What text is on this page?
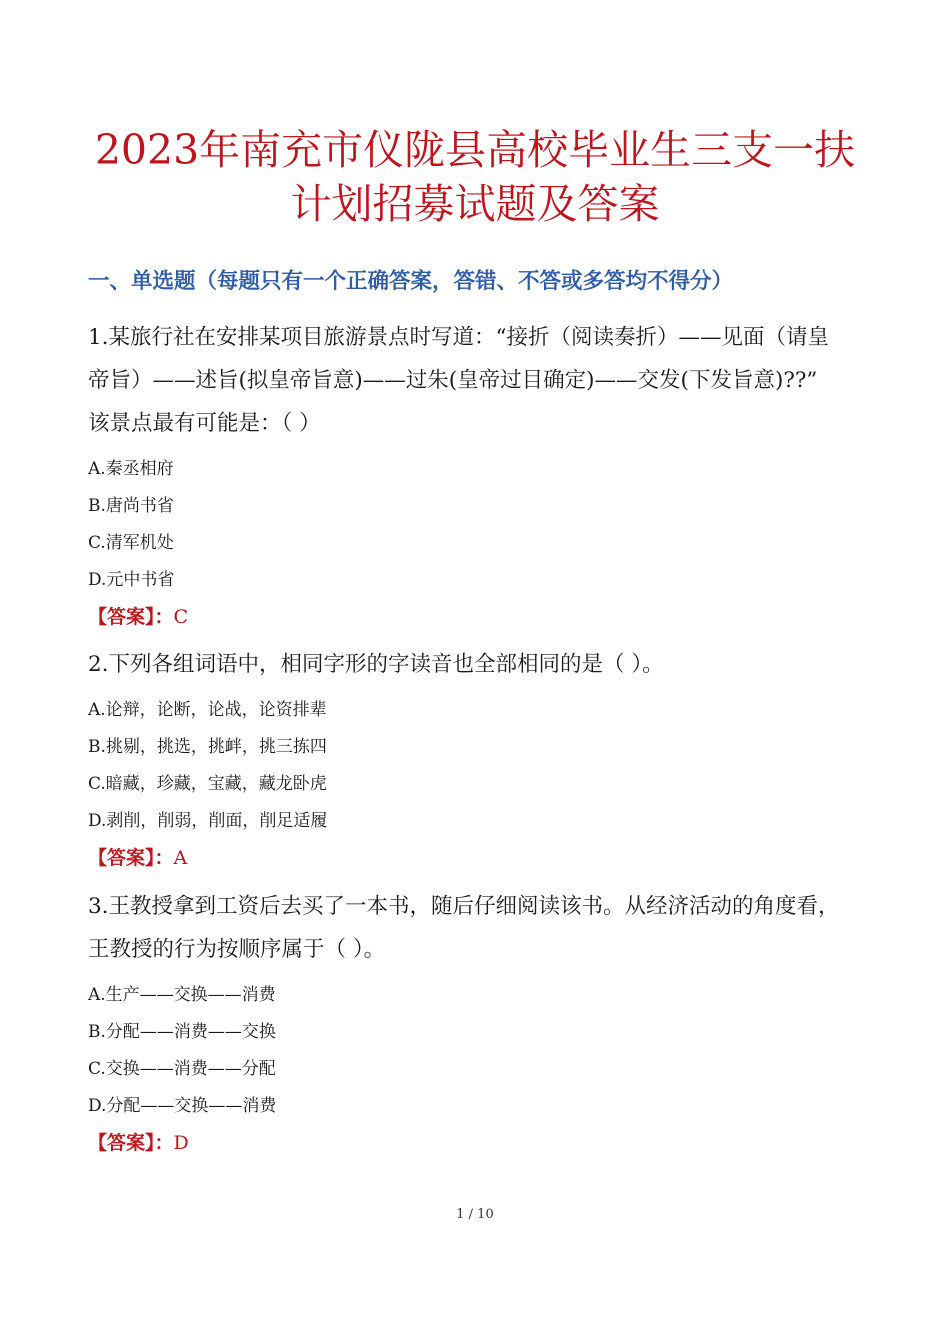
2023年南充市仪陇县高校毕业生三支一扶
计划招募试题及答案
一、单选题（每题只有一个正确答案，答错、不答或多答均不得分）
1.某旅行社在安排某项目旅游景点时写道：“接折（阅读奏折）——见面（请皇
帝旨）——述旨(拟皇帝旨意)——过朱(皇帝过目确定)——交发(下发旨意)??”
该景点最有可能是：（ ）
A.秦丞相府
B.唐尚书省
C.清军机处
D.元中书省
【答案】：C
2.下列各组词语中，相同字形的字读音也全部相同的是（ ）。
A.论辩，论断，论战，论资排辈
B.挑剔，挑选，挑衅，挑三拣四
C.暗藏，珍藏，宝藏，藏龙卧虎
D.剥削，削弱，削面，削足适履
【答案】：A
3.王教授拿到工资后去买了一本书，随后仔细阅读该书。从经济活动的角度看，
王教授的行为按顺序属于（ ）。
A.生产——交换——消费
B.分配——消费——交换
C.交换——消费——分配
D.分配——交换——消费
【答案】：D
1 / 10
